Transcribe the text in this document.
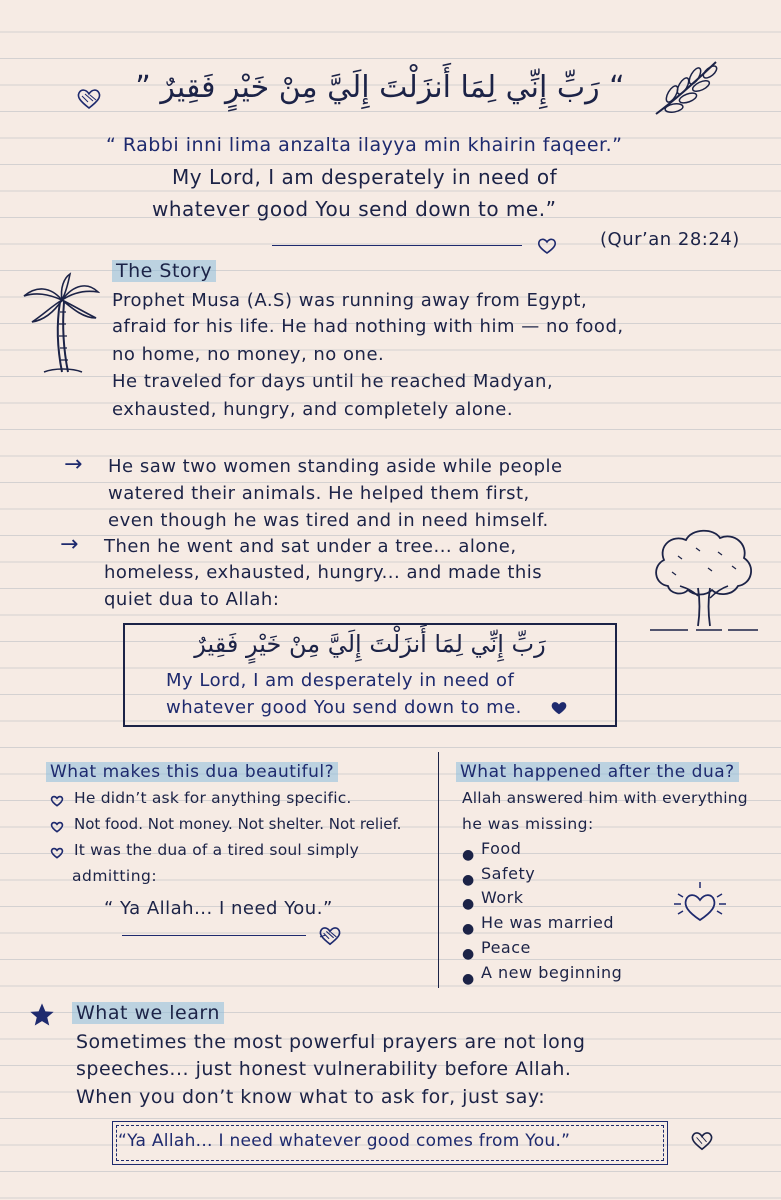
“ رَبِّ إِنِّي لِمَا أَنزَلْتَ إِلَيَّ مِنْ خَيْرٍ فَقِيرٌ ”
“ Rabbi inni lima anzalta ilayya min khairin faqeer.”
My Lord, I am desperately in need of
whatever good You send down to me.”
(Qur’an 28:24)
The Story
Prophet Musa (A.S) was running away from Egypt,
afraid for his life. He had nothing with him — no food,
no home, no money, no one.
He traveled for days until he reached Madyan,
exhausted, hungry, and completely alone.
→ He saw two women standing aside while people
watered their animals. He helped them first,
even though he was tired and in need himself.
→ Then he went and sat under a tree... alone,
homeless, exhausted, hungry... and made this
quiet dua to Allah:
رَبِّ إِنِّي لِمَا أَنزَلْتَ إِلَيَّ مِنْ خَيْرٍ فَقِيرٌ
My Lord, I am desperately in need of
whatever good You send down to me.
What makes this dua beautiful?
He didn’t ask for anything specific.
Not food. Not money. Not shelter. Not relief.
It was the dua of a tired soul simply
admitting:
“ Ya Allah... I need You.”
What happened after the dua?
Allah answered him with everything
he was missing:
● Food
● Safety
● Work
● He was married
● Peace
● A new beginning
What we learn
Sometimes the most powerful prayers are not long
speeches... just honest vulnerability before Allah.
When you don’t know what to ask for, just say:
“Ya Allah... I need whatever good comes from You.”
